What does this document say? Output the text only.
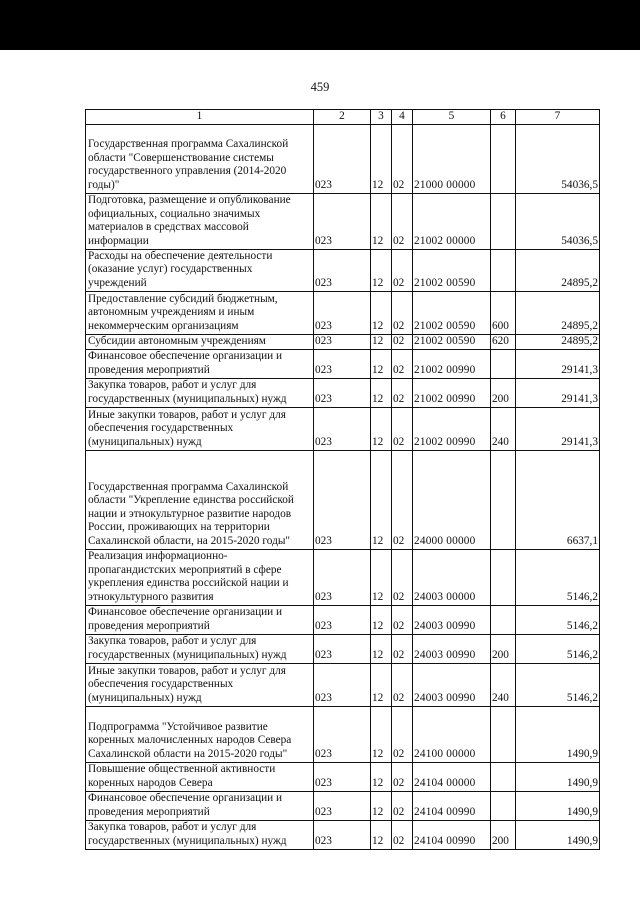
459
1	2	3	4	5	6	7
Государственная программа Сахалинской области "Совершенствование системы государственного управления (2014-2020 годы)"	023	12	02	21000 00000		54036,5
Подготовка, размещение и опубликование официальных, социально значимых материалов в средствах массовой информации	023	12	02	21002 00000		54036,5
Расходы на обеспечение деятельности (оказание услуг) государственных учреждений	023	12	02	21002 00590		24895,2
Предоставление субсидий бюджетным, автономным учреждениям и иным некоммерческим организациям	023	12	02	21002 00590	600	24895,2
Субсидии автономным учреждениям	023	12	02	21002 00590	620	24895,2
Финансовое обеспечение организации и проведения мероприятий	023	12	02	21002 00990		29141,3
Закупка товаров, работ и услуг для государственных (муниципальных) нужд	023	12	02	21002 00990	200	29141,3
Иные закупки товаров, работ и услуг для обеспечения государственных (муниципальных) нужд	023	12	02	21002 00990	240	29141,3
Государственная программа Сахалинской области "Укрепление единства российской нации и этнокультурное развитие народов России, проживающих на территории Сахалинской области, на 2015-2020 годы"	023	12	02	24000 00000		6637,1
Реализация информационно-пропагандистских мероприятий в сфере укрепления единства российской нации и этнокультурного развития	023	12	02	24003 00000		5146,2
Финансовое обеспечение организации и проведения мероприятий	023	12	02	24003 00990		5146,2
Закупка товаров, работ и услуг для государственных (муниципальных) нужд	023	12	02	24003 00990	200	5146,2
Иные закупки товаров, работ и услуг для обеспечения государственных (муниципальных) нужд	023	12	02	24003 00990	240	5146,2
Подпрограмма "Устойчивое развитие коренных малочисленных народов Севера Сахалинской области на 2015-2020 годы"	023	12	02	24100 00000		1490,9
Повышение общественной активности коренных народов Севера	023	12	02	24104 00000		1490,9
Финансовое обеспечение организации и проведения мероприятий	023	12	02	24104 00990		1490,9
Закупка товаров, работ и услуг для государственных (муниципальных) нужд	023	12	02	24104 00990	200	1490,9
